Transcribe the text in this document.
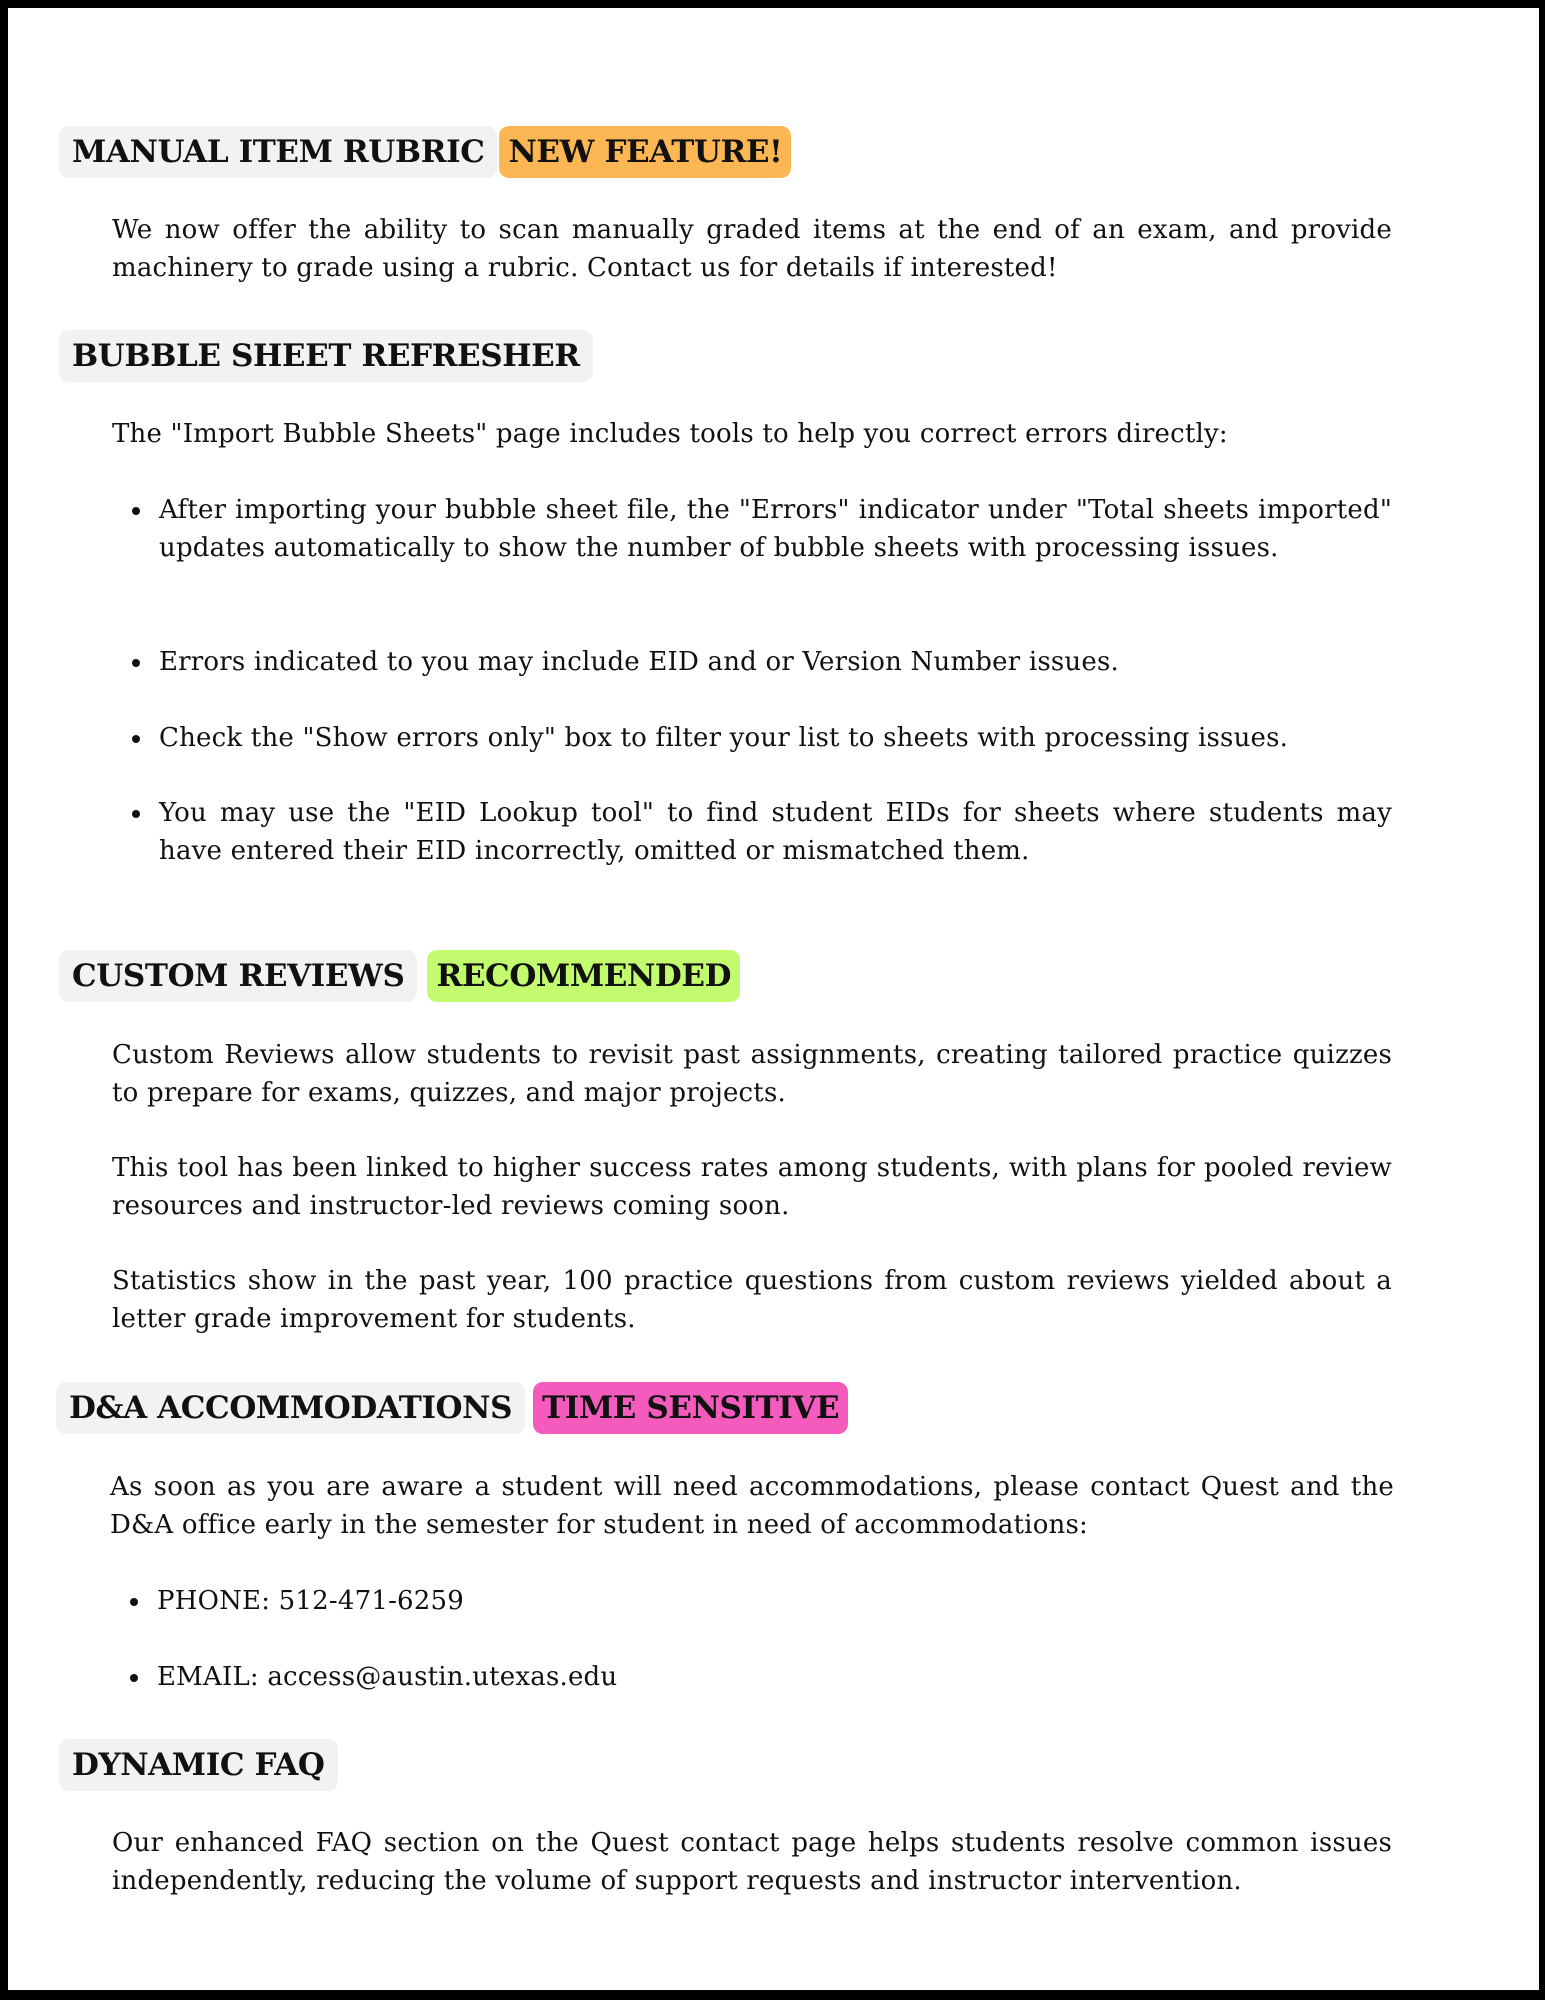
MANUAL ITEM RUBRIC NEW FEATURE!

We now offer the ability to scan manually graded items at the end of an exam, and provide machinery to grade using a rubric. Contact us for details if interested!

BUBBLE SHEET REFRESHER

The "Import Bubble Sheets" page includes tools to help you correct errors directly:

After importing your bubble sheet file, the "Errors" indicator under "Total sheets imported" updates automatically to show the number of bubble sheets with processing issues.
Errors indicated to you may include EID and or Version Number issues.
Check the "Show errors only" box to filter your list to sheets with processing issues.
You may use the "EID Lookup tool" to find student EIDs for sheets where students may have entered their EID incorrectly, omitted or mismatched them.
CUSTOM REVIEWS	RECOMMENDED

Custom Reviews allow students to revisit past assignments, creating tailored practice quizzes to prepare for exams, quizzes, and major projects.

This tool has been linked to higher success rates among students, with plans for pooled review resources and instructor-led reviews coming soon.

Statistics show in the past year, 100 practice questions from custom reviews yielded about a letter grade improvement for students.

D&A ACCOMMODATIONS TIME SENSITIVE

As soon as you are aware a student will need accommodations, please contact Quest and the D&A office early in the semester for student in need of accommodations:

PHONE: 512-471-6259
EMAIL: access@austin.utexas.edu
DYNAMIC FAQ

Our enhanced FAQ section on the Quest contact page helps students resolve common issues independently, reducing the volume of support requests and instructor intervention.
